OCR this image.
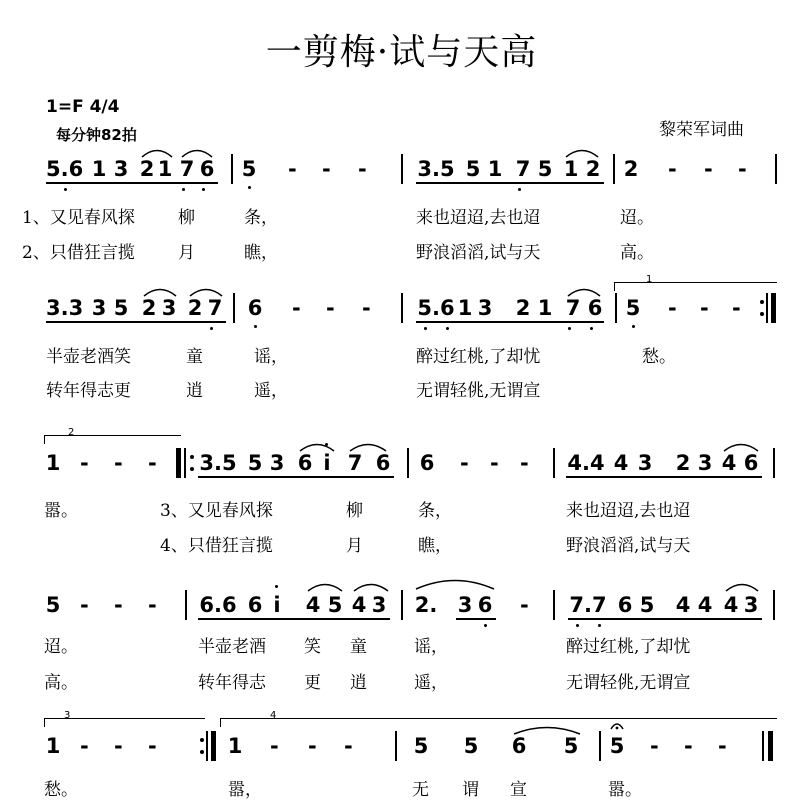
一剪梅·试与天高
1=F 4/4
每分钟82拍	黎荣军词曲
5.6 1 3 2 1 7 6 5 - - - 3.5 5 1 7 5 1 2 2 - - -
1、又见春风探	柳	条，	来也迢迢,去也迢	迢。
2、只借狂言揽	月	瞧，	野浪滔滔,试与天	高。
3.3 3 5 2 3 2 7 6 - - - 5.6 1 3 2 1 7 6 5 - - -
1
半壶老酒笑	童	谣，	醉过红桃,了却忧	愁。
转年得志更	逍	遥，	无谓轻佻,无谓宣
2
1 - - - 3.5 5 3 6 i 7 6 6 - - - 4.4 4 3 2 3 4 6
嚣。	3、又见春风探	柳	条，	来也迢迢,去也迢
4、只借狂言揽	月	瞧，	野浪滔滔,试与天
5 - - - 6.6 6 i 4 5 4 3 2. 3 6 - 7.7 6 5 4 4 4 3
迢。	半壶老酒 笑 童	谣，	醉过红桃,了却忧
高。	转年得志 更 逍	遥，	无谓轻佻,无谓宣
3	4
1 - - -	1 - - -	5 5 6 5 5 - - -
愁。	嚣，	无 谓 宣	嚣。
